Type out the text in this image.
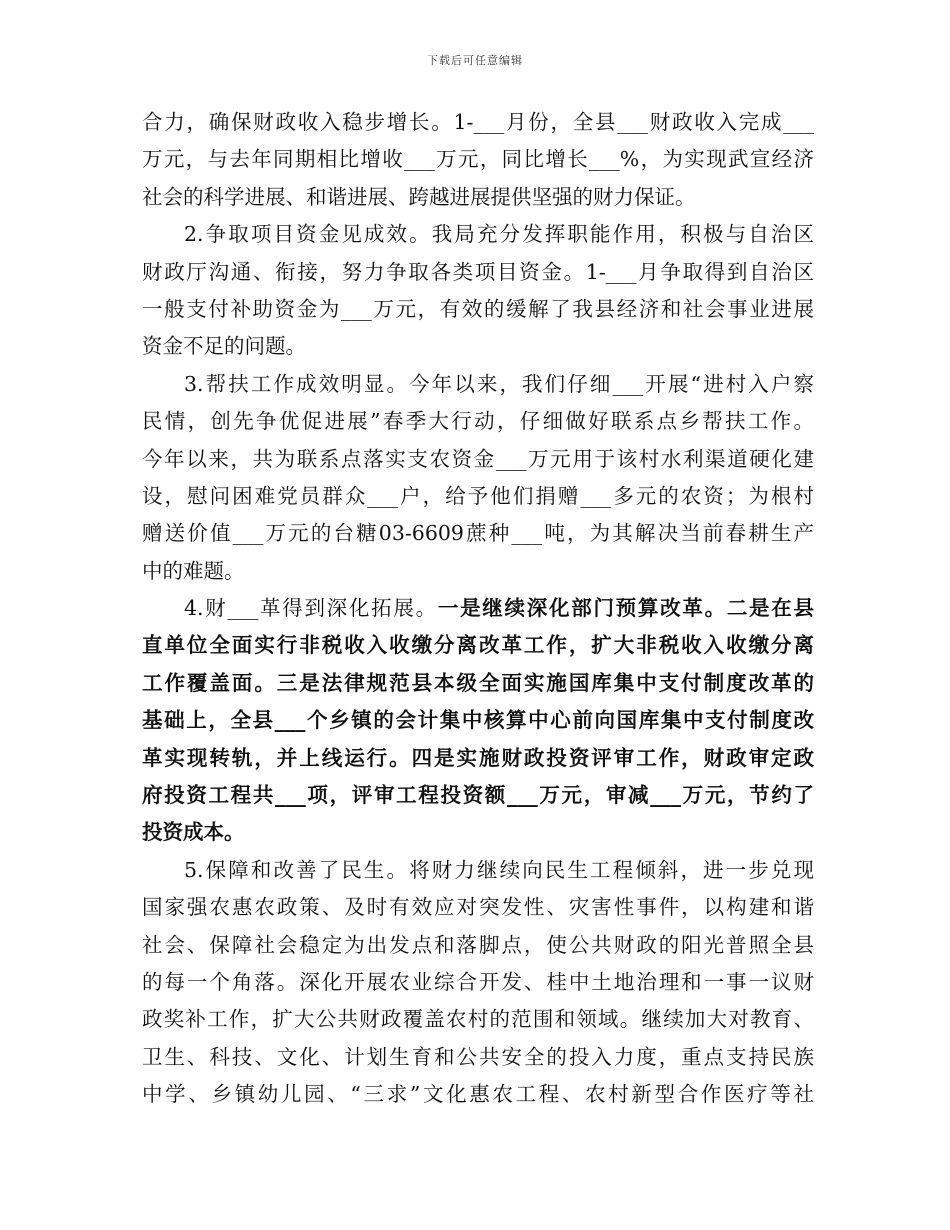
下载后可任意编辑
合力，确保财政收入稳步增长。1-___月份，全县___财政收入完成___
万元，与去年同期相比增收___万元，同比增长___%，为实现武宣经济
社会的科学进展、和谐进展、跨越进展提供坚强的财力保证。
2.争取项目资金见成效。我局充分发挥职能作用，积极与自治区
财政厅沟通、衔接，努力争取各类项目资金。1-___月争取得到自治区
一般支付补助资金为___万元，有效的缓解了我县经济和社会事业进展
资金不足的问题。
3.帮扶工作成效明显。今年以来，我们仔细___开展“进村入户察
民情，创先争优促进展”春季大行动，仔细做好联系点乡帮扶工作。
今年以来，共为联系点落实支农资金___万元用于该村水利渠道硬化建
设，慰问困难党员群众___户，给予他们捐赠___多元的农资；为根村
赠送价值___万元的台糖03-6609蔗种___吨，为其解决当前春耕生产
中的难题。
4.财___革得到深化拓展。一是继续深化部门预算改革。二是在县
直单位全面实行非税收入收缴分离改革工作，扩大非税收入收缴分离
工作覆盖面。三是法律规范县本级全面实施国库集中支付制度改革的
基础上，全县___个乡镇的会计集中核算中心前向国库集中支付制度改
革实现转轨，并上线运行。四是实施财政投资评审工作，财政审定政
府投资工程共___项，评审工程投资额___万元，审减___万元，节约了
投资成本。
5.保障和改善了民生。将财力继续向民生工程倾斜，进一步兑现
国家强农惠农政策、及时有效应对突发性、灾害性事件，以构建和谐
社会、保障社会稳定为出发点和落脚点，使公共财政的阳光普照全县
的每一个角落。深化开展农业综合开发、桂中土地治理和一事一议财
政奖补工作，扩大公共财政覆盖农村的范围和领域。继续加大对教育、
卫生、科技、文化、计划生育和公共安全的投入力度，重点支持民族
中学、乡镇幼儿园、“三求”文化惠农工程、农村新型合作医疗等社
